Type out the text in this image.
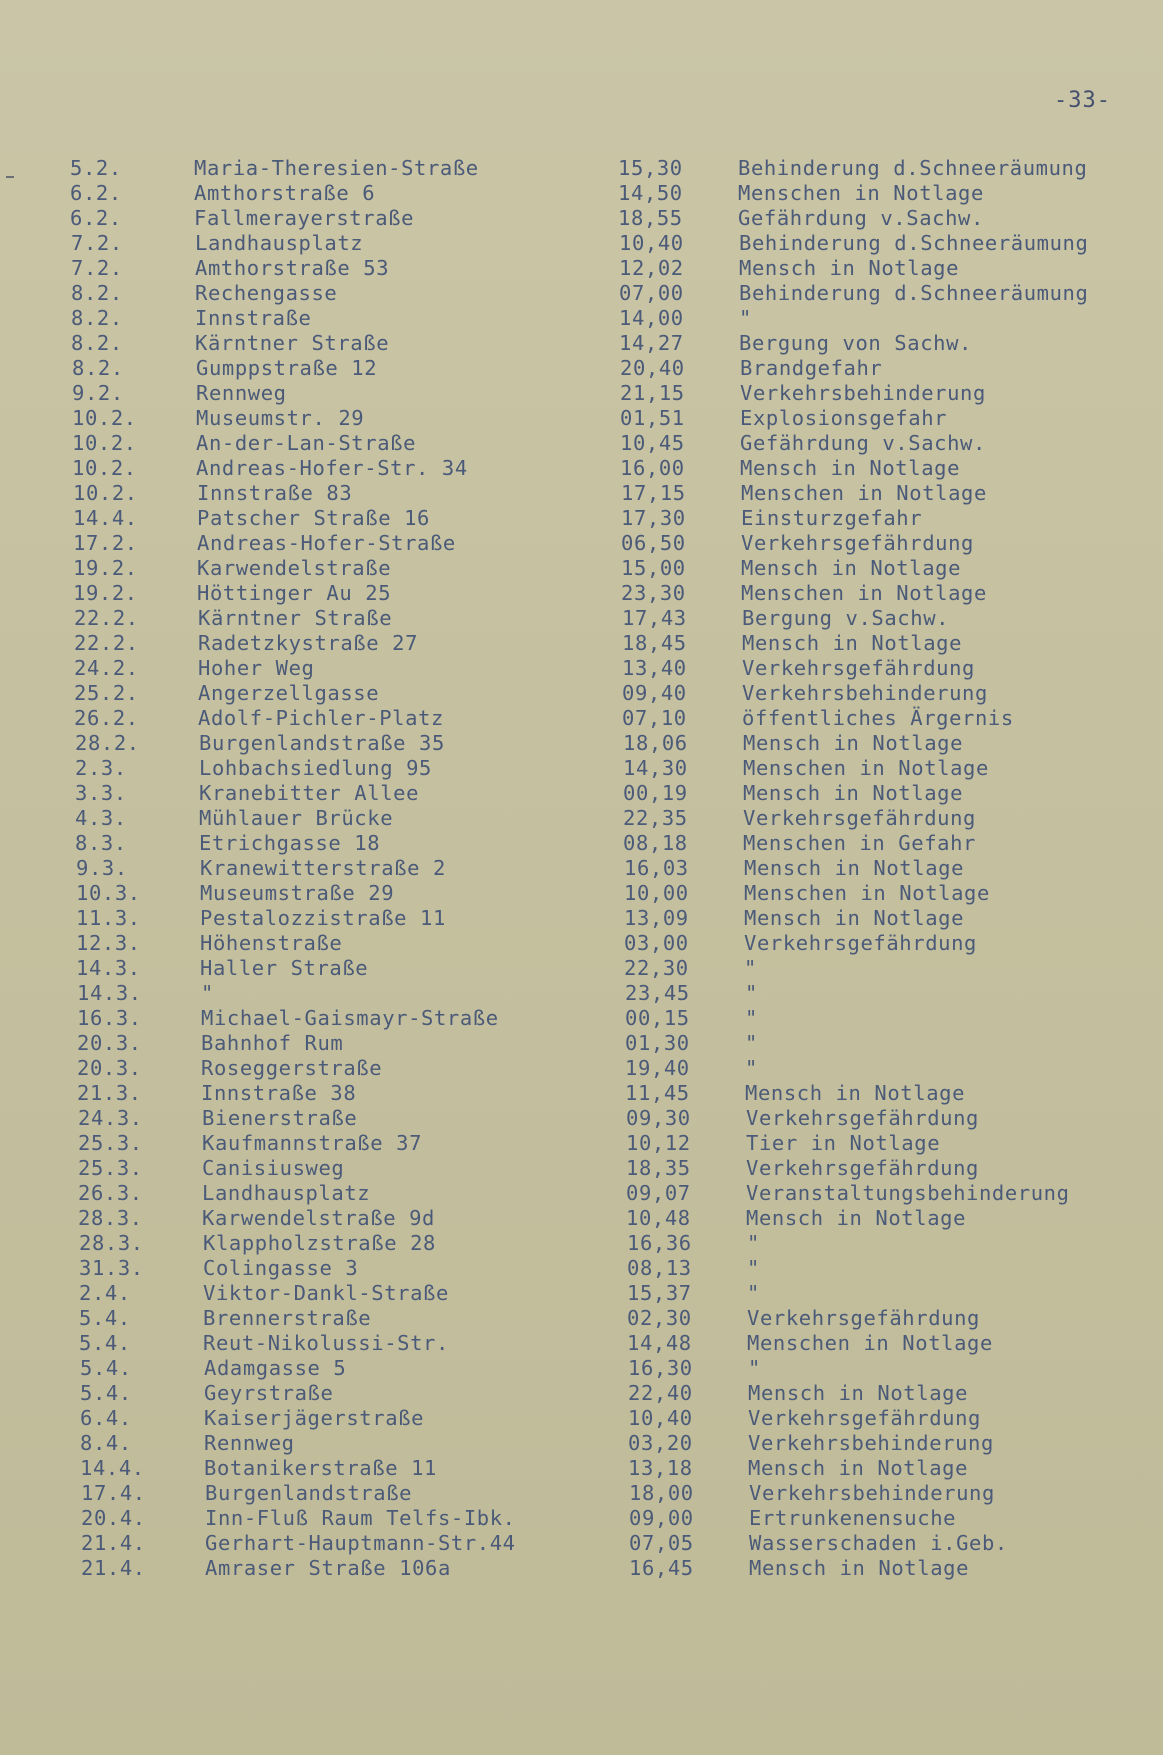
-33-
5.2.	Maria-Theresien-Straße	15,30	Behinderung d.Schneeräumung
6.2.	Amthorstraße 6	14,50	Menschen in Notlage
6.2.	Fallmerayerstraße	18,55	Gefährdung v.Sachw.
7.2.	Landhausplatz	10,40	Behinderung d.Schneeräumung
7.2.	Amthorstraße 53	12,02	Mensch in Notlage
8.2.	Rechengasse	07,00	Behinderung d.Schneeräumung
8.2.	Innstraße	14,00	"
8.2.	Kärntner Straße	14,27	Bergung von Sachw.
8.2.	Gumppstraße 12	20,40	Brandgefahr
9.2.	Rennweg	21,15	Verkehrsbehinderung
10.2.	Museumstr. 29	01,51	Explosionsgefahr
10.2.	An-der-Lan-Straße	10,45	Gefährdung v.Sachw.
10.2.	Andreas-Hofer-Str. 34	16,00	Mensch in Notlage
10.2.	Innstraße 83	17,15	Menschen in Notlage
14.4.	Patscher Straße 16	17,30	Einsturzgefahr
17.2.	Andreas-Hofer-Straße	06,50	Verkehrsgefährdung
19.2.	Karwendelstraße	15,00	Mensch in Notlage
19.2.	Höttinger Au 25	23,30	Menschen in Notlage
22.2.	Kärntner Straße	17,43	Bergung v.Sachw.
22.2.	Radetzkystraße 27	18,45	Mensch in Notlage
24.2.	Hoher Weg	13,40	Verkehrsgefährdung
25.2.	Angerzellgasse	09,40	Verkehrsbehinderung
26.2.	Adolf-Pichler-Platz	07,10	öffentliches Ärgernis
28.2.	Burgenlandstraße 35	18,06	Mensch in Notlage
2.3.	Lohbachsiedlung 95	14,30	Menschen in Notlage
3.3.	Kranebitter Allee	00,19	Mensch in Notlage
4.3.	Mühlauer Brücke	22,35	Verkehrsgefährdung
8.3.	Etrichgasse 18	08,18	Menschen in Gefahr
9.3.	Kranewitterstraße 2	16,03	Mensch in Notlage
10.3.	Museumstraße 29	10,00	Menschen in Notlage
11.3.	Pestalozzistraße 11	13,09	Mensch in Notlage
12.3.	Höhenstraße	03,00	Verkehrsgefährdung
14.3.	Haller Straße	22,30	"
14.3.	"	23,45	"
16.3.	Michael-Gaismayr-Straße	00,15	"
20.3.	Bahnhof Rum	01,30	"
20.3.	Roseggerstraße	19,40	"
21.3.	Innstraße 38	11,45	Mensch in Notlage
24.3.	Bienerstraße	09,30	Verkehrsgefährdung
25.3.	Kaufmannstraße 37	10,12	Tier in Notlage
25.3.	Canisiusweg	18,35	Verkehrsgefährdung
26.3.	Landhausplatz	09,07	Veranstaltungsbehinderung
28.3.	Karwendelstraße 9d	10,48	Mensch in Notlage
28.3.	Klappholzstraße 28	16,36	"
31.3.	Colingasse 3	08,13	"
2.4.	Viktor-Dankl-Straße	15,37	"
5.4.	Brennerstraße	02,30	Verkehrsgefährdung
5.4.	Reut-Nikolussi-Str.	14,48	Menschen in Notlage
5.4.	Adamgasse 5	16,30	"
5.4.	Geyrstraße	22,40	Mensch in Notlage
6.4.	Kaiserjägerstraße	10,40	Verkehrsgefährdung
8.4.	Rennweg	03,20	Verkehrsbehinderung
14.4.	Botanikerstraße 11	13,18	Mensch in Notlage
17.4.	Burgenlandstraße	18,00	Verkehrsbehinderung
20.4.	Inn-Fluß Raum Telfs-Ibk.	09,00	Ertrunkenensuche
21.4.	Gerhart-Hauptmann-Str.44	07,05	Wasserschaden i.Geb.
21.4.	Amraser Straße 106a	16,45	Mensch in Notlage
